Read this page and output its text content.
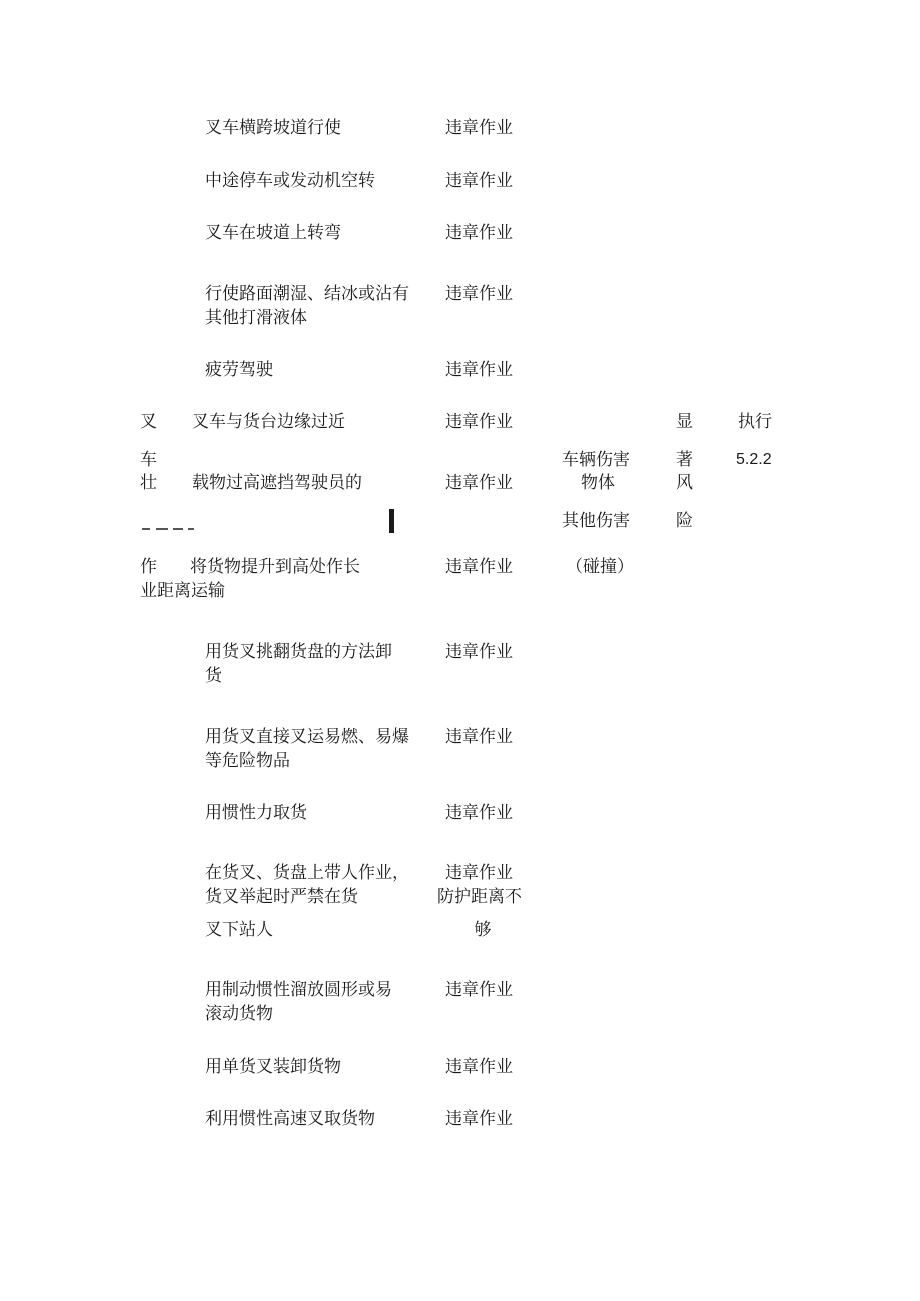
叉车横跨坡道行使
中途停车或发动机空转
叉车在坡道上转弯
行使路面潮湿、结冰或沾有其他打滑液体
疲劳驾驶
叉车与货台边缘过近
载物过高遮挡驾驶员的
将货物提升到高处作长
业距离运输
用货叉挑翻货盘的方法卸货
用货叉直接叉运易燃、易爆等危险物品
用惯性力取货
在货叉、货盘上带人作业，货叉举起时严禁在货
叉下站人
用制动惯性溜放圆形或易滚动货物
用单货叉装卸货物
利用惯性高速叉取货物
违章作业
违章作业
违章作业
违章作业
违章作业
违章作业
违章作业
违章作业
违章作业
违章作业
违章作业
违章作业
防护距离不
够
违章作业
违章作业
违章作业
叉
车
壮
作
车辆伤害
物体
其他伤害
（碰撞）
显
著
风
险
执行
5.2.2
